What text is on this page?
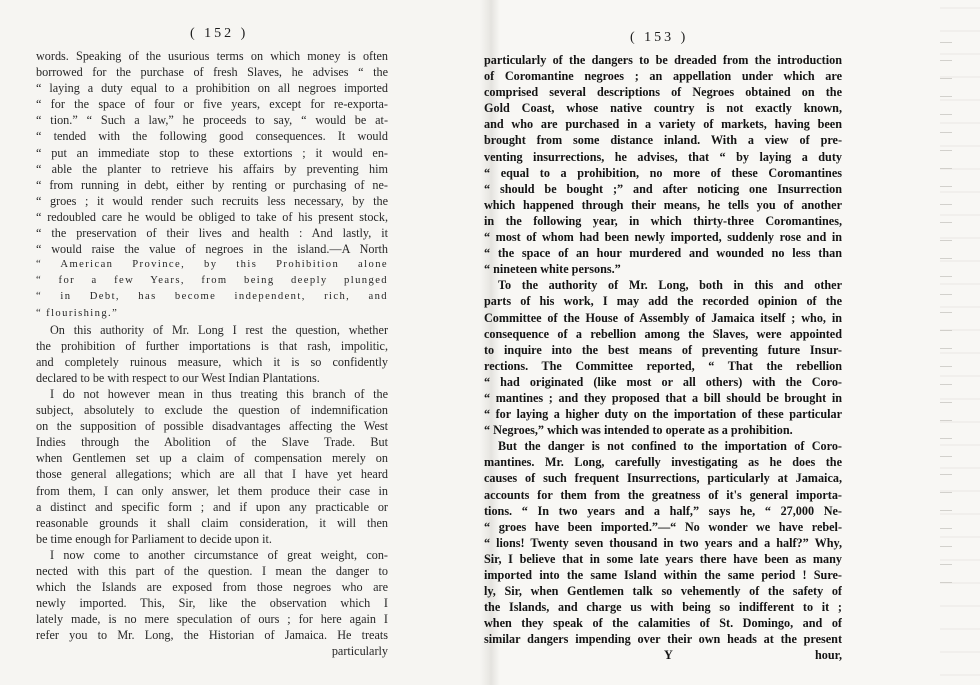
( 152 )
words. Speaking of the usurious terms on which money is often
borrowed for the purchase of fresh Slaves, he advises “ the
“ laying a duty equal to a prohibition on all negroes imported
“ for the space of four or five years, except for re-exporta-
“ tion.” “ Such a law,” he proceeds to say, “ would be at-
“ tended with the following good consequences. It would
“ put an immediate stop to these extortions ; it would en-
“ able the planter to retrieve his affairs by preventing him
“ from running in debt, either by renting or purchasing of ne-
“ groes ; it would render such recruits less necessary, by the
“ redoubled care he would be obliged to take of his present stock,
“ the preservation of their lives and health : And lastly, it
“ would raise the value of negroes in the island.—A North
“ American Province, by this Prohibition alone
“ for a few Years, from being deeply plunged
“ in Debt, has become independent, rich, and
“ flourishing.”
On this authority of Mr. Long I rest the question, whether
the prohibition of further importations is that rash, impolitic,
and completely ruinous measure, which it is so confidently
declared to be with respect to our West Indian Plantations.
I do not however mean in thus treating this branch of the
subject, absolutely to exclude the question of indemnification
on the supposition of possible disadvantages affecting the West
Indies through the Abolition of the Slave Trade. But
when Gentlemen set up a claim of compensation merely on
those general allegations; which are all that I have yet heard
from them, I can only answer, let them produce their case in
a distinct and specific form ; and if upon any practicable or
reasonable grounds it shall claim consideration, it will then
be time enough for Parliament to decide upon it.
I now come to another circumstance of great weight, con-
nected with this part of the question. I mean the danger to
which the Islands are exposed from those negroes who are
newly imported. This, Sir, like the observation which I
lately made, is no mere speculation of ours ; for here again I
refer you to Mr. Long, the Historian of Jamaica. He treats
particularly
( 153 )
particularly of the dangers to be dreaded from the introduction
of Coromantine negroes ; an appellation under which are
comprised several descriptions of Negroes obtained on the
Gold Coast, whose native country is not exactly known,
and who are purchased in a variety of markets, having been
brought from some distance inland. With a view of pre-
venting insurrections, he advises, that “ by laying a duty
“ equal to a prohibition, no more of these Coromantines
“ should be bought ;” and after noticing one Insurrection
which happened through their means, he tells you of another
in the following year, in which thirty-three Coromantines,
“ most of whom had been newly imported, suddenly rose and in
“ the space of an hour murdered and wounded no less than
“ nineteen white persons.”
To the authority of Mr. Long, both in this and other
parts of his work, I may add the recorded opinion of the
Committee of the House of Assembly of Jamaica itself ; who, in
consequence of a rebellion among the Slaves, were appointed
to inquire into the best means of preventing future Insur-
rections. The Committee reported, “ That the rebellion
“ had originated (like most or all others) with the Coro-
“ mantines ; and they proposed that a bill should be brought in
“ for laying a higher duty on the importation of these particular
“ Negroes,” which was intended to operate as a prohibition.
But the danger is not confined to the importation of Coro-
mantines. Mr. Long, carefully investigating as he does the
causes of such frequent Insurrections, particularly at Jamaica,
accounts for them from the greatness of it's general importa-
tions. “ In two years and a half,” says he, “ 27,000 Ne-
“ groes have been imported.”—“ No wonder we have rebel-
“ lions! Twenty seven thousand in two years and a half?” Why,
Sir, I believe that in some late years there have been as many
imported into the same Island within the same period ! Sure-
ly, Sir, when Gentlemen talk so vehemently of the safety of
the Islands, and charge us with being so indifferent to it ;
when they speak of the calamities of St. Domingo, and of
similar dangers impending over their own heads at the present
Y	hour,
